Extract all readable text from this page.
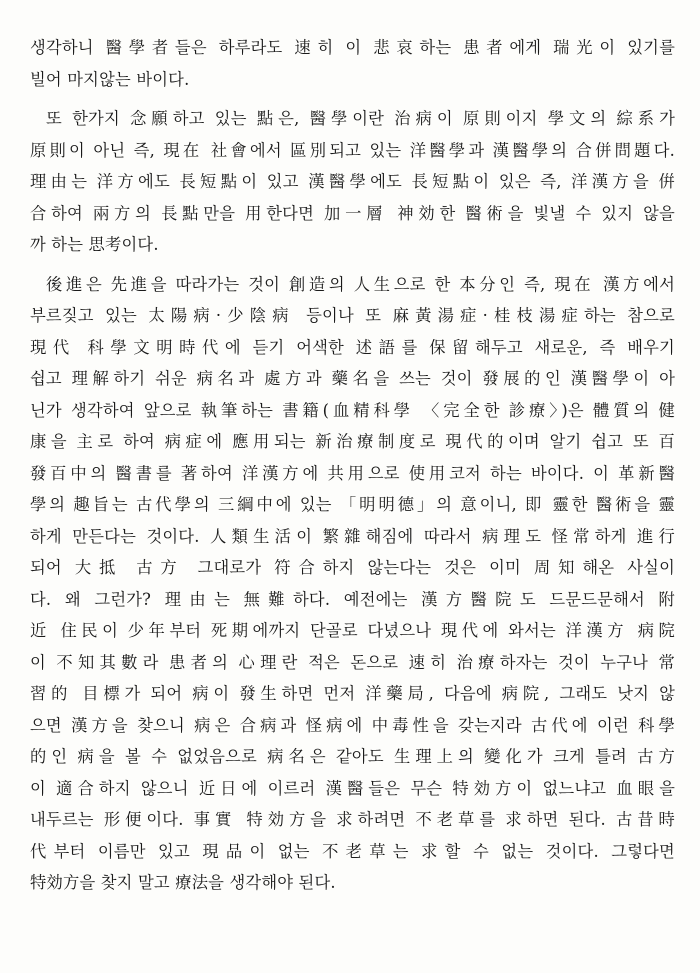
생각하니 醫學者들은 하루라도 速히 이 悲哀하는 患者에게 瑞光이 있기를
빌어 마지않는 바이다.
또 한가지 念願하고 있는 點은, 醫學이란 治病이 原則이지 學文의 綜系가
原則이 아닌 즉, 現在 社會에서 區別되고 있는 洋醫學과 漢醫學의 合併問題다.
理由는 洋方에도 長短點이 있고 漢醫學에도 長短點이 있은 즉, 洋漢方을 倂
合하여 兩方의 長點만을 用한다면 加一層 神効한 醫術을 빛낼 수 있지 않을
까 하는 思考이다.
後進은 先進을 따라가는 것이 創造의 人生으로 한 本分인 즉, 現在 漢方에서
부르짖고 있는 太陽病·少陰病 등이나 또 麻黃湯症·桂枝湯症하는 참으로
現代 科學文明時代에 듣기 어색한 述語를 保留해두고 새로운, 즉 배우기
쉽고 理解하기 쉬운 病名과 處方과 藥名을 쓰는 것이 發展的인 漢醫學이 아
닌가 생각하여 앞으로 執筆하는 書籍(血精科學 〈完全한 診療〉)은 體質의 健
康을 主로 하여 病症에 應用되는 新治療制度로 現代的이며 알기 쉽고 또 百
發百中의 醫書를 著하여 洋漢方에 共用으로 使用코저 하는 바이다. 이 革新醫
學의 趣旨는 古代學의 三綱中에 있는 「明明德」의 意이니, 即 靈한 醫術을 靈
하게 만든다는 것이다. 人類生活이 繁雜해짐에 따라서 病理도 怪常하게 進行
되어 大抵 古方 그대로가 符合하지 않는다는 것은 이미 周知해온 사실이
다. 왜 그런가? 理由는 無難하다. 예전에는 漢方醫院도 드문드문해서 附
近 住民이 少年부터 死期에까지 단골로 다녔으나 現代에 와서는 洋漢方 病院
이 不知其數라 患者의 心理란 적은 돈으로 速히 治療하자는 것이 누구나 常
習的 目標가 되어 病이 發生하면 먼저 洋藥局, 다음에 病院, 그래도 낫지 않
으면 漢方을 찾으니 病은 合病과 怪病에 中毒性을 갖는지라 古代에 이런 科學
的인 病을 볼 수 없었음으로 病名은 같아도 生理上의 變化가 크게 틀려 古方
이 適合하지 않으니 近日에 이르러 漢醫들은 무슨 特効方이 없느냐고 血眼을
내두르는 形便이다. 事實 特効方을 求하려면 不老草를 求하면 된다. 古昔時
代부터 이름만 있고 現品이 없는 不老草는 求할 수 없는 것이다. 그렇다면
特効方을 찾지 말고 療法을 생각해야 된다.
